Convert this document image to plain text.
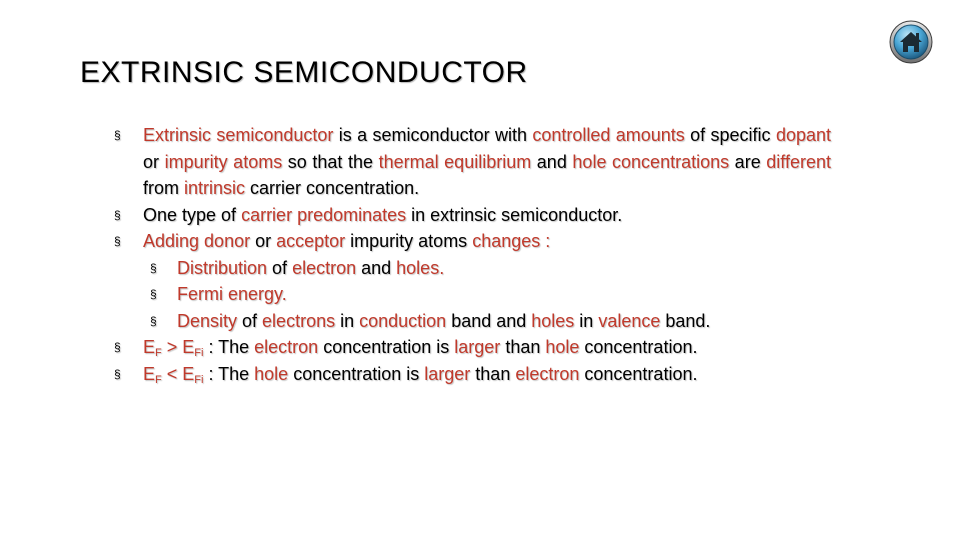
EXTRINSIC SEMICONDUCTOR
§ Extrinsic semiconductor is a semiconductor with controlled amounts of specific dopant or impurity atoms so that the thermal equilibrium and hole concentrations are different from intrinsic carrier concentration.
§ One type of carrier predominates in extrinsic semiconductor.
§ Adding donor or acceptor impurity atoms changes :
§ Distribution of electron and holes.
§ Fermi energy.
§ Density of electrons in conduction band and holes in valence band.
§ $E_F > E_{Fi}$ : The electron concentration is larger than hole concentration.
§ $E_F < E_{Fi}$ : The hole concentration is larger than electron concentration.
